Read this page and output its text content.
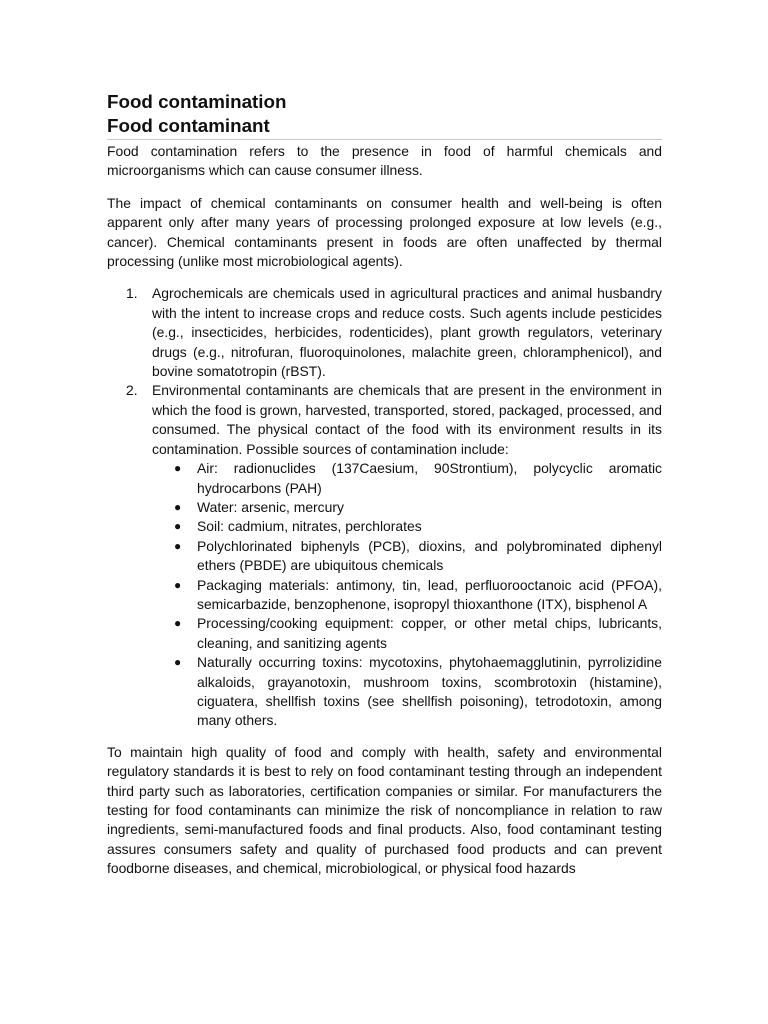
Food contamination
Food contaminant

Food contamination refers to the presence in food of harmful chemicals and microorganisms which can cause consumer illness.

The impact of chemical contaminants on consumer health and well-being is often apparent only after many years of processing prolonged exposure at low levels (e.g., cancer). Chemical contaminants present in foods are often unaffected by thermal processing (unlike most microbiological agents).

1. Agrochemicals are chemicals used in agricultural practices and animal husbandry with the intent to increase crops and reduce costs. Such agents include pesticides (e.g., insecticides, herbicides, rodenticides), plant growth regulators, veterinary drugs (e.g., nitrofuran, fluoroquinolones, malachite green, chloramphenicol), and bovine somatotropin (rBST).
2. Environmental contaminants are chemicals that are present in the environment in which the food is grown, harvested, transported, stored, packaged, processed, and consumed. The physical contact of the food with its environment results in its contamination. Possible sources of contamination include:
● Air: radionuclides (137Caesium, 90Strontium), polycyclic aromatic hydrocarbons (PAH)
● Water: arsenic, mercury
● Soil: cadmium, nitrates, perchlorates
● Polychlorinated biphenyls (PCB), dioxins, and polybrominated diphenyl ethers (PBDE) are ubiquitous chemicals
● Packaging materials: antimony, tin, lead, perfluorooctanoic acid (PFOA), semicarbazide, benzophenone, isopropyl thioxanthone (ITX), bisphenol A
● Processing/cooking equipment: copper, or other metal chips, lubricants, cleaning, and sanitizing agents
● Naturally occurring toxins: mycotoxins, phytohaemagglutinin, pyrrolizidine alkaloids, grayanotoxin, mushroom toxins, scombrotoxin (histamine), ciguatera, shellfish toxins (see shellfish poisoning), tetrodotoxin, among many others.

To maintain high quality of food and comply with health, safety and environmental regulatory standards it is best to rely on food contaminant testing through an independent third party such as laboratories, certification companies or similar. For manufacturers the testing for food contaminants can minimize the risk of noncompliance in relation to raw ingredients, semi-manufactured foods and final products. Also, food contaminant testing assures consumers safety and quality of purchased food products and can prevent foodborne diseases, and chemical, microbiological, or physical food hazards
